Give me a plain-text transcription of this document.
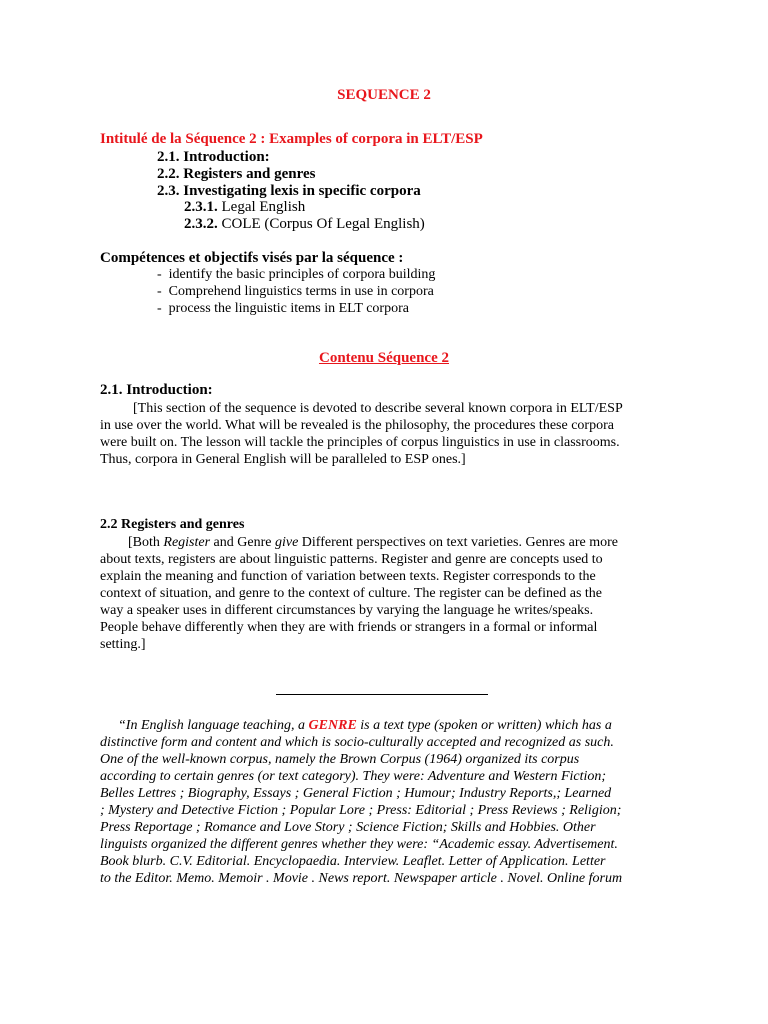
SEQUENCE 2
Intitulé de la Séquence 2 : Examples of corpora in ELT/ESP
2.1. Introduction:
2.2. Registers and genres
2.3. Investigating lexis in specific corpora
2.3.1. Legal English
2.3.2. COLE (Corpus Of Legal English)
Compétences et objectifs visés par la séquence :
- identify the basic principles of corpora building
- Comprehend linguistics terms in use in corpora
- process the linguistic items in ELT corpora
Contenu Séquence 2
2.1. Introduction:
[This section of the sequence is devoted to describe several known corpora in ELT/ESP
in use over the world. What will be revealed is the philosophy, the procedures these corpora
were built on. The lesson will tackle the principles of corpus linguistics in use in classrooms.
Thus, corpora in General English will be paralleled to ESP ones.]
2.2 Registers and genres
[Both Register and Genre give Different perspectives on text varieties. Genres are more
about texts, registers are about linguistic patterns. Register and genre are concepts used to
explain the meaning and function of variation between texts. Register corresponds to the
context of situation, and genre to the context of culture. The register can be defined as the
way a speaker uses in different circumstances by varying the language he writes/speaks.
People behave differently when they are with friends or strangers in a formal or informal
setting.]
“In English language teaching, a GENRE is a text type (spoken or written) which has a
distinctive form and content and which is socio-culturally accepted and recognized as such.
One of the well-known corpus, namely the Brown Corpus (1964) organized its corpus
according to certain genres (or text category). They were: Adventure and Western Fiction;
Belles Lettres ; Biography, Essays ; General Fiction ; Humour; Industry Reports,; Learned
; Mystery and Detective Fiction ; Popular Lore ; Press: Editorial ; Press Reviews ; Religion;
Press Reportage ; Romance and Love Story ; Science Fiction; Skills and Hobbies. Other
linguists organized the different genres whether they were: “Academic essay. Advertisement.
Book blurb. C.V. Editorial. Encyclopaedia. Interview. Leaflet. Letter of Application. Letter
to the Editor. Memo. Memoir . Movie . News report. Newspaper article . Novel. Online forum
